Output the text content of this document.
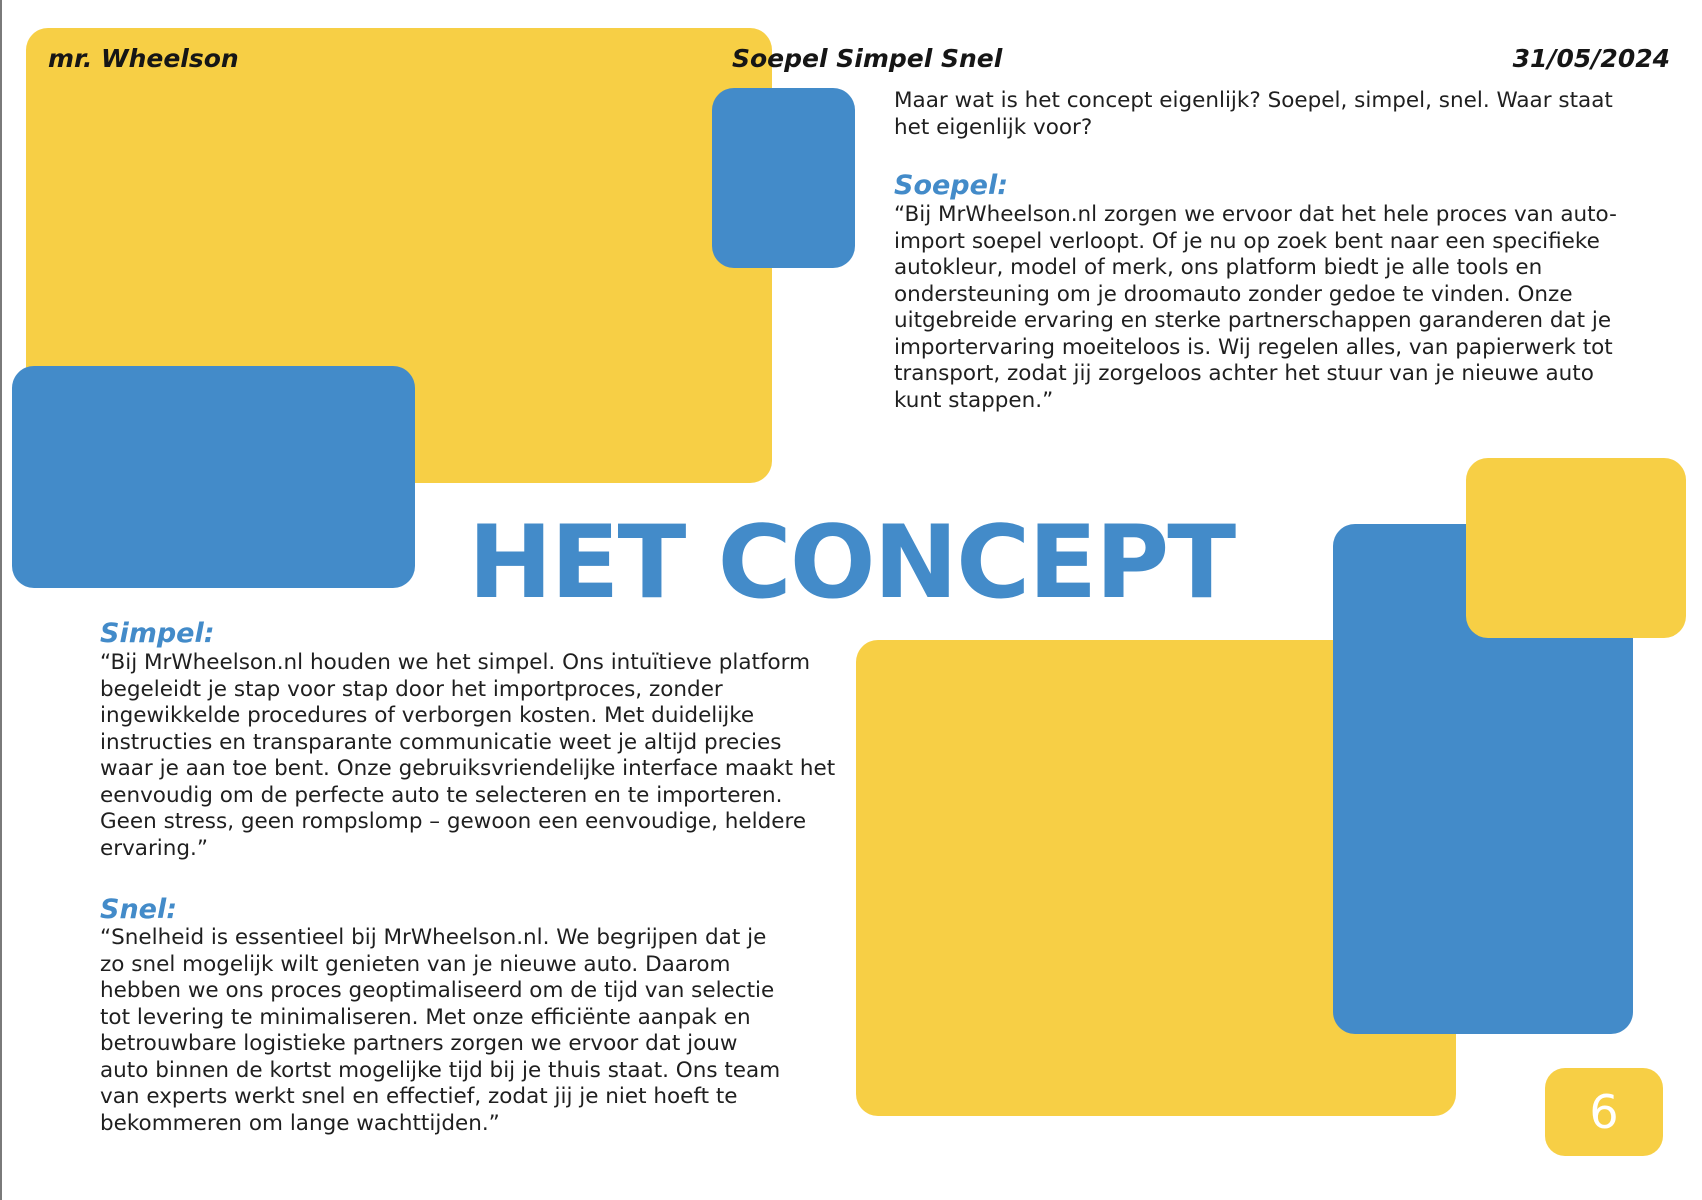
mr. Wheelson	Soepel Simpel Snel	31/05/2024
Maar wat is het concept eigenlijk? Soepel, simpel, snel. Waar staat het eigenlijk voor?
Soepel:
“Bij MrWheelson.nl zorgen we ervoor dat het hele proces van auto-import soepel verloopt. Of je nu op zoek bent naar een specifieke autokleur, model of merk, ons platform biedt je alle tools en ondersteuning om je droomauto zonder gedoe te vinden. Onze uitgebreide ervaring en sterke partnerschappen garanderen dat je importervaring moeiteloos is. Wij regelen alles, van papierwerk tot transport, zodat jij zorgeloos achter het stuur van je nieuwe auto kunt stappen.”
HET CONCEPT
Simpel:
“Bij MrWheelson.nl houden we het simpel. Ons intuïtieve platform begeleidt je stap voor stap door het importproces, zonder ingewikkelde procedures of verborgen kosten. Met duidelijke instructies en transparante communicatie weet je altijd precies waar je aan toe bent. Onze gebruiksvriendelijke interface maakt het eenvoudig om de perfecte auto te selecteren en te importeren. Geen stress, geen rompslomp – gewoon een eenvoudige, heldere ervaring.”
Snel:
“Snelheid is essentieel bij MrWheelson.nl. We begrijpen dat je zo snel mogelijk wilt genieten van je nieuwe auto. Daarom hebben we ons proces geoptimaliseerd om de tijd van selectie tot levering te minimaliseren. Met onze efficiënte aanpak en betrouwbare logistieke partners zorgen we ervoor dat jouw auto binnen de kortst mogelijke tijd bij je thuis staat. Ons team van experts werkt snel en effectief, zodat jij je niet hoeft te bekommeren om lange wachttijden.”	6
